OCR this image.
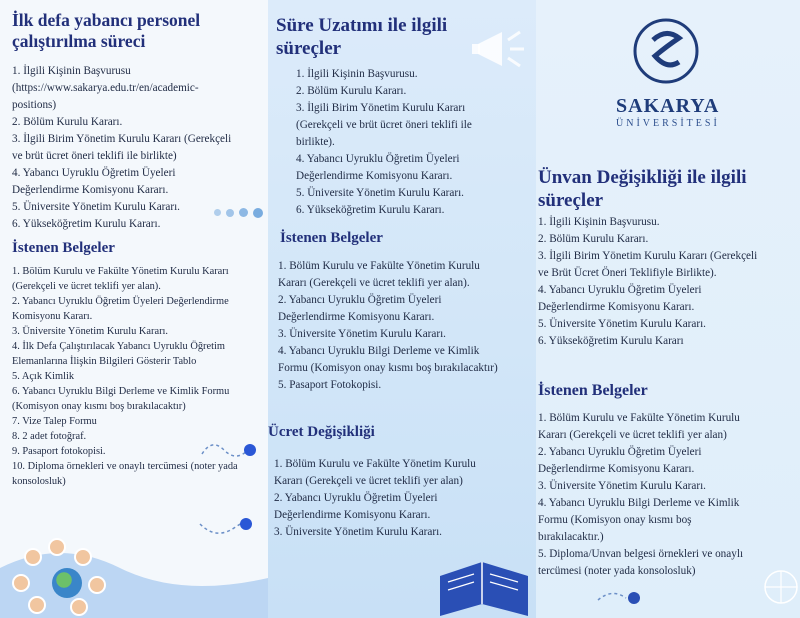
İlk defa yabancı personel çalıştırılma süreci
1. İlgili Kişinin Başvurusu
(https://www.sakarya.edu.tr/en/academic-
positions)
2. Bölüm Kurulu Kararı.
3. İlgili Birim Yönetim Kurulu Kararı (Gerekçeli
ve brüt ücret öneri teklifi ile birlikte)
4. Yabancı Uyruklu Öğretim Üyeleri
Değerlendirme Komisyonu Kararı.
5. Üniversite Yönetim Kurulu Kararı.
6. Yükseköğretim Kurulu Kararı.
İstenen Belgeler
1. Bölüm Kurulu ve Fakülte Yönetim Kurulu Kararı
(Gerekçeli ve ücret teklifi yer alan).
2. Yabancı Uyruklu Öğretim Üyeleri Değerlendirme
Komisyonu Kararı.
3. Üniversite Yönetim Kurulu Kararı.
4. İlk Defa Çalıştırılacak Yabancı Uyruklu Öğretim
Elemanlarına İlişkin Bilgileri Gösterir Tablo
5. Açık Kimlik
6. Yabancı Uyruklu Bilgi Derleme ve Kimlik Formu
(Komisyon onay kısmı boş bırakılacaktır)
7. Vize Talep Formu
8. 2 adet fotoğraf.
9. Pasaport fotokopisi.
10. Diploma örnekleri ve onaylı tercümesi (noter yada
konsolosluk)
Süre Uzatımı ile ilgili süreçler
1. İlgili Kişinin Başvurusu.
2. Bölüm Kurulu Kararı.
3. İlgili Birim Yönetim Kurulu Kararı
(Gerekçeli ve brüt ücret öneri teklifi ile
birlikte).
4. Yabancı Uyruklu Öğretim Üyeleri
Değerlendirme Komisyonu Kararı.
5. Üniversite Yönetim Kurulu Kararı.
6. Yükseköğretim Kurulu Kararı.
İstenen Belgeler
1. Bölüm Kurulu ve Fakülte Yönetim Kurulu
Kararı (Gerekçeli ve ücret teklifi yer alan).
2. Yabancı Uyruklu Öğretim Üyeleri
Değerlendirme Komisyonu Kararı.
3. Üniversite Yönetim Kurulu Kararı.
4. Yabancı Uyruklu Bilgi Derleme ve Kimlik
Formu (Komisyon onay kısmı boş bırakılacaktır)
5. Pasaport Fotokopisi.
Ücret Değişikliği
1. Bölüm Kurulu ve Fakülte Yönetim Kurulu
Kararı (Gerekçeli ve ücret teklifi yer alan)
2. Yabancı Uyruklu Öğretim Üyeleri
Değerlendirme Komisyonu Kararı.
3. Üniversite Yönetim Kurulu Kararı.
SAKARYA
ÜNİVERSİTESİ
Ünvan Değişikliği ile ilgili süreçler
1. İlgili Kişinin Başvurusu.
2. Bölüm Kurulu Kararı.
3. İlgili Birim Yönetim Kurulu Kararı (Gerekçeli
ve Brüt Ücret Öneri Teklifiyle Birlikte).
4. Yabancı Uyruklu Öğretim Üyeleri
Değerlendirme Komisyonu Kararı.
5. Üniversite Yönetim Kurulu Kararı.
6. Yükseköğretim Kurulu Kararı
İstenen Belgeler
1. Bölüm Kurulu ve Fakülte Yönetim Kurulu
Kararı (Gerekçeli ve ücret teklifi yer alan)
2. Yabancı Uyruklu Öğretim Üyeleri
Değerlendirme Komisyonu Kararı.
3. Üniversite Yönetim Kurulu Kararı.
4. Yabancı Uyruklu Bilgi Derleme ve Kimlik
Formu (Komisyon onay kısmı boş
bırakılacaktır.)
5. Diploma/Unvan belgesi örnekleri ve onaylı
tercümesi (noter yada konsolosluk)
